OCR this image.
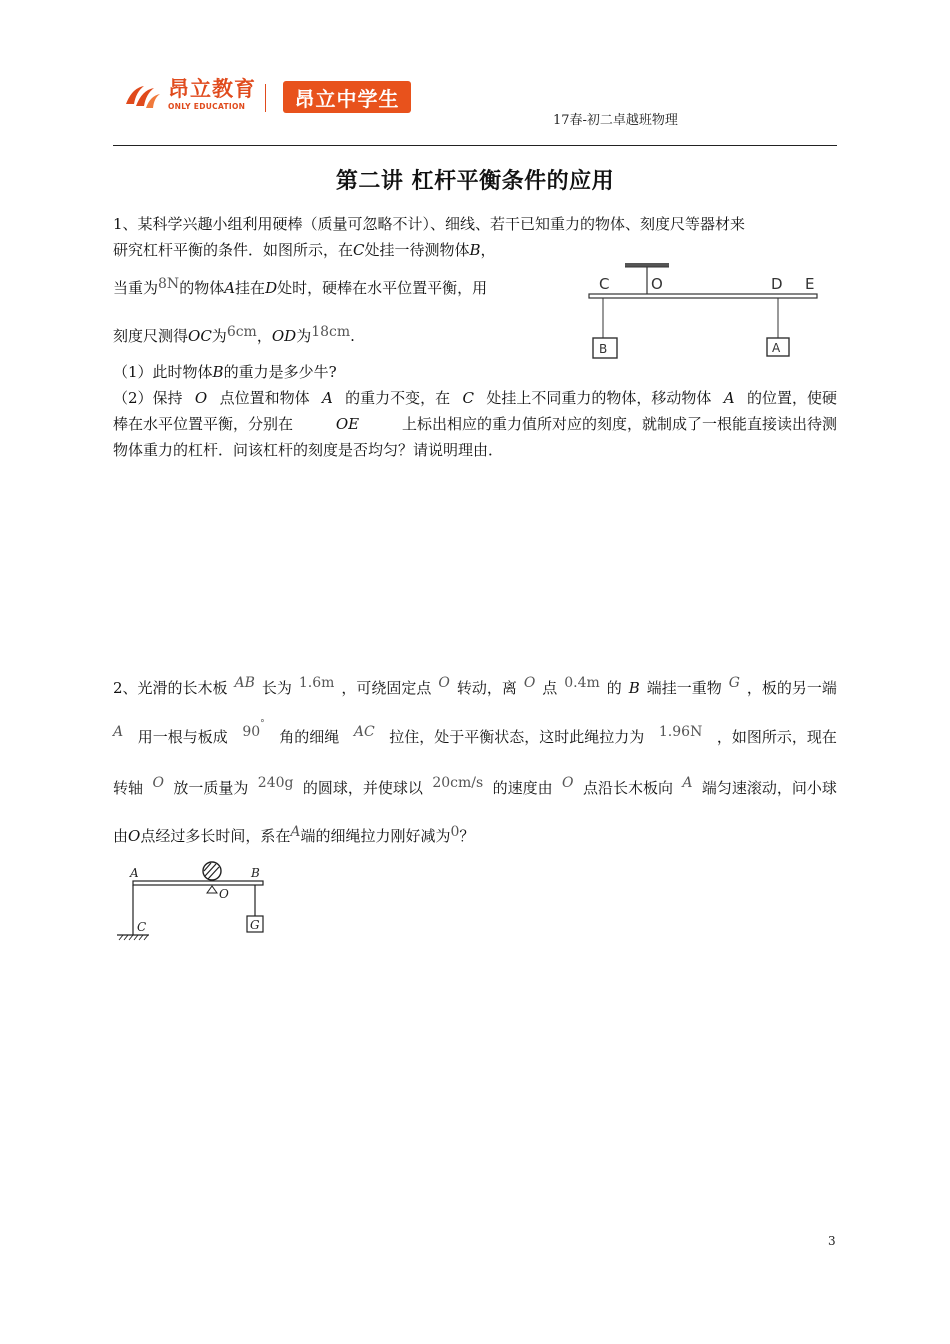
昂立教育
ONLY EDUCATION	昂立中学生
17春-初二卓越班物理
第二讲 杠杆平衡条件的应用
1、某科学兴趣小组利用硬棒（质量可忽略不计）、细线、若干已知重力的物体、刻度尺等器材来
研究杠杆平衡的条件．如图所示，在C处挂一待测物体B，
当重为8N的物体A挂在D处时，硬棒在水平位置平衡，用
刻度尺测得OC为6cm，OD为18cm.
C	O	D E
B	A
（1）此时物体B的重力是多少牛?
（2）保持 O 点位置和物体 A 的重力不变，在 C 处挂上不同重力的物体，移动物体 A 的位置，使硬
棒在水平位置平衡，分别在	OE	上标出相应的重力值所对应的刻度，就制成了一根能直接读出待测
物体重力的杠杆．问该杠杆的刻度是否均匀？请说明理由．
2、光滑的长木板 AB 长为 1.6m ，可绕固定点 O 转动，离 O 点 0.4m 的 B 端挂一重物 G ，板的另一端
A 用一根与板成 90°
角的细绳 AC 拉住，处于平衡状态，这时此绳拉力为 1.96N ，如图所示，现在
转轴 O 放一质量为 240g 的圆球，并使球以 20cm/s 的速度由 O 点沿长木板向 A 端匀速滚动，问小球
由O点经过多长时间，系在A端的细绳拉力刚好减为0？
A	B
O
C	G
3
